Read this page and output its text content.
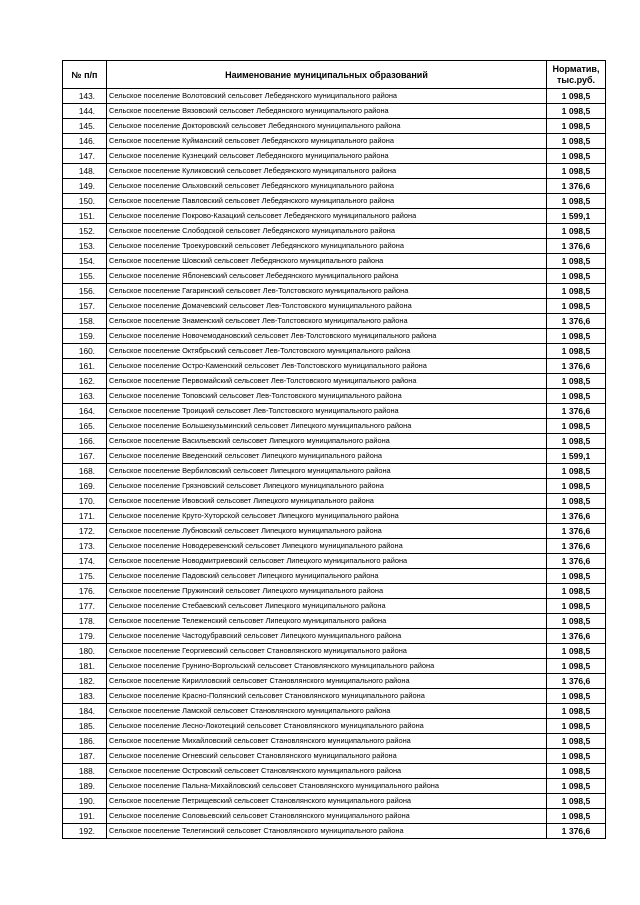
№ п/п	Наименование муниципальных образований	Норматив,
тыс.руб.
143.	Сельское поселение Волотовский сельсовет Лебедянского муниципального района	1 098,5
144.	Сельское поселение Вязовский сельсовет Лебедянского муниципального района	1 098,5
145.	Сельское поселение Докторовский сельсовет Лебедянского муниципального района	1 098,5
146.	Сельское поселение Куйманский сельсовет Лебедянского муниципального района	1 098,5
147.	Сельское поселение Кузнецкий сельсовет Лебедянского муниципального района	1 098,5
148.	Сельское поселение Куликовский сельсовет Лебедянского муниципального района	1 098,5
149.	Сельское поселение Ольховский сельсовет Лебедянского муниципального района	1 376,6
150.	Сельское поселение Павловский сельсовет Лебедянского муниципального района	1 098,5
151.	Сельское поселение Покрово-Казацкий сельсовет Лебедянского муниципального района	1 599,1
152.	Сельское поселение Слободской сельсовет Лебедянского муниципального района	1 098,5
153.	Сельское поселение Троекуровский сельсовет Лебедянского муниципального района	1 376,6
154.	Сельское поселение Шовский сельсовет Лебедянского муниципального района	1 098,5
155.	Сельское поселение Яблоневский сельсовет Лебедянского муниципального района	1 098,5
156.	Сельское поселение Гагаринский сельсовет Лев-Толстовского муниципального района	1 098,5
157.	Сельское поселение Домачевский сельсовет Лев-Толстовского муниципального района	1 098,5
158.	Сельское поселение Знаменский сельсовет Лев-Толстовского муниципального района	1 376,6
159.	Сельское поселение Новочемодановский сельсовет Лев-Толстовского муниципального района	1 098,5
160.	Сельское поселение Октябрьский сельсовет Лев-Толстовского муниципального района	1 098,5
161.	Сельское поселение Остро-Каменский сельсовет Лев-Толстовского муниципального района	1 376,6
162.	Сельское поселение Первомайский сельсовет Лев-Толстовского муниципального района	1 098,5
163.	Сельское поселение Топовский сельсовет Лев-Толстовского муниципального района	1 098,5
164.	Сельское поселение Троицкий сельсовет Лев-Толстовского муниципального района	1 376,6
165.	Сельское поселение Большекузьминский сельсовет Липецкого муниципального района	1 098,5
166.	Сельское поселение Васильевский сельсовет Липецкого муниципального района	1 098,5
167.	Сельское поселение Введенский сельсовет Липецкого муниципального района	1 599,1
168.	Сельское поселение Вербиловский сельсовет Липецкого муниципального района	1 098,5
169.	Сельское поселение Грязновский сельсовет Липецкого муниципального района	1 098,5
170.	Сельское поселение Ивовский сельсовет Липецкого муниципального района	1 098,5
171.	Сельское поселение Круто-Хуторской сельсовет Липецкого муниципального района	1 376,6
172.	Сельское поселение Лубновский сельсовет Липецкого муниципального района	1 376,6
173.	Сельское поселение Новодеревенский сельсовет Липецкого муниципального района	1 376,6
174.	Сельское поселение Новодмитриевский сельсовет Липецкого муниципального района	1 376,6
175.	Сельское поселение Падовский сельсовет Липецкого муниципального района	1 098,5
176.	Сельское поселение Пружинский сельсовет Липецкого муниципального района	1 098,5
177.	Сельское поселение Стебаевский сельсовет Липецкого муниципального района	1 098,5
178.	Сельское поселение Тележенский сельсовет Липецкого муниципального района	1 098,5
179.	Сельское поселение Частодубравский сельсовет Липецкого муниципального района	1 376,6
180.	Сельское поселение Георгиевский сельсовет Становлянского муниципального района	1 098,5
181.	Сельское поселение Грунино-Воргольский сельсовет Становлянского муниципального района	1 098,5
182.	Сельское поселение Кирилловский сельсовет Становлянского муниципального района	1 376,6
183.	Сельское поселение Красно-Полянский сельсовет Становлянского муниципального района	1 098,5
184.	Сельское поселение Ламской сельсовет Становлянского муниципального района	1 098,5
185.	Сельское поселение Лесно-Локотецкий сельсовет Становлянского муниципального района	1 098,5
186.	Сельское поселение Михайловский сельсовет Становлянского муниципального района	1 098,5
187.	Сельское поселение Огневский сельсовет Становлянского муниципального района	1 098,5
188.	Сельское поселение Островский сельсовет Становлянского муниципального района	1 098,5
189.	Сельское поселение Пальна-Михайловский сельсовет Становлянского муниципального района	1 098,5
190.	Сельское поселение Петрищевский сельсовет Становлянского муниципального района	1 098,5
191.	Сельское поселение Соловьевский сельсовет Становлянского муниципального района	1 098,5
192.	Сельское поселение Телегинский сельсовет Становлянского муниципального района	1 376,6
